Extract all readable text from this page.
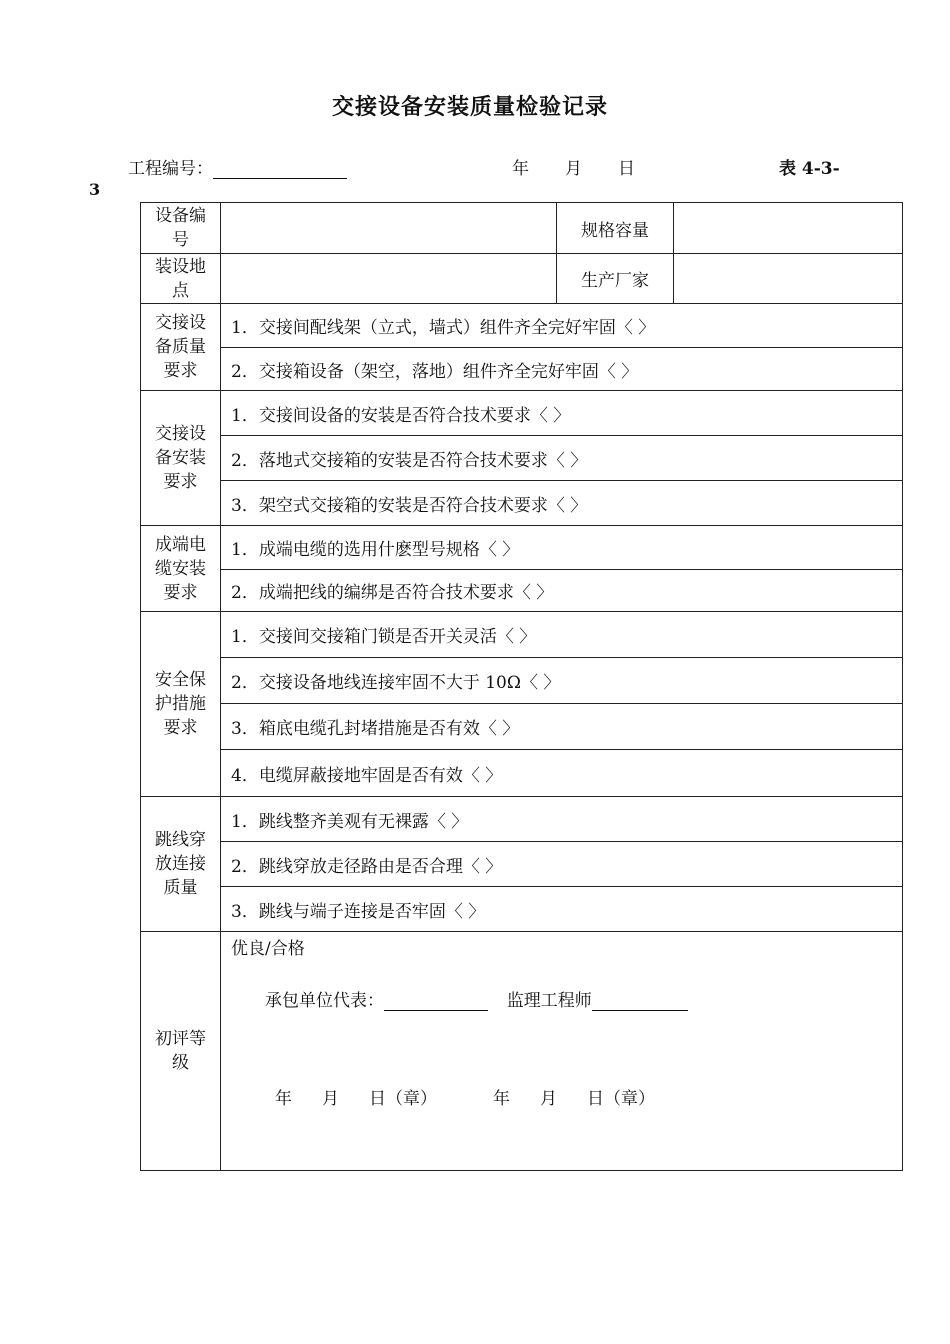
交接设备安装质量检验记录
工程编号：	年 月 日	表 4-3-
3
设备编号		规格容量	
装设地点		生产厂家	
交接设备质量要求	1．交接间配线架（立式，墙式）组件齐全完好牢固〈 〉		
	2．交接箱设备（架空，落地）组件齐全完好牢固〈 〉		
交接设备安装要求	1．交接间设备的安装是否符合技术要求〈 〉		
	2．落地式交接箱的安装是否符合技术要求〈 〉		
	3．架空式交接箱的安装是否符合技术要求〈 〉		
成端电缆安装要求	1．成端电缆的选用什麽型号规格〈 〉		
	2．成端把线的编绑是否符合技术要求〈 〉		
安全保护措施要求	1．交接间交接箱门锁是否开关灵活〈 〉		
	2．交接设备地线连接牢固不大于 10Ω〈 〉		
	3．箱底电缆孔封堵措施是否有效〈 〉		
	4．电缆屏蔽接地牢固是否有效〈 〉		
跳线穿放连接质量	1．跳线整齐美观有无裸露〈 〉		
	2．跳线穿放走径路由是否合理〈 〉		
	3．跳线与端子连接是否牢固〈 〉		
初评等级	优良/合格
承包单位代表： 监理工程师
年 月 日（章） 年 月 日（章）		
